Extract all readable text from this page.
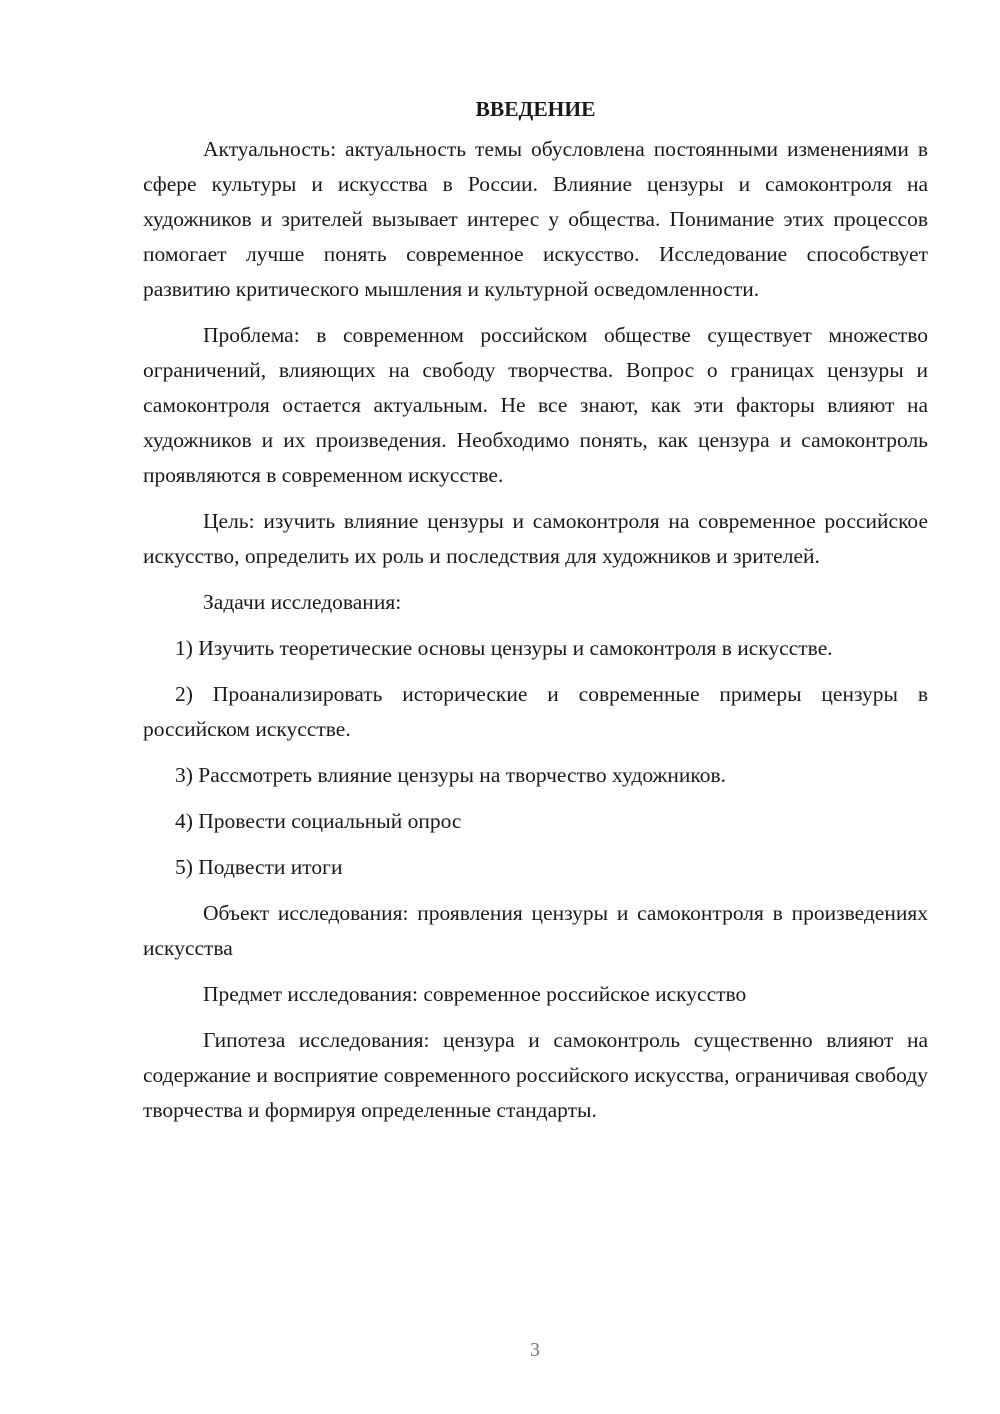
ВВЕДЕНИЕ

Актуальность: актуальность темы обусловлена постоянными изменениями в сфере культуры и искусства в России. Влияние цензуры и самоконтроля на художников и зрителей вызывает интерес у общества. Понимание этих процессов помогает лучше понять современное искусство. Исследование способствует развитию критического мышления и культурной осведомленности.

Проблема: в современном российском обществе существует множество ограничений, влияющих на свободу творчества. Вопрос о границах цензуры и самоконтроля остается актуальным. Не все знают, как эти факторы влияют на художников и их произведения. Необходимо понять, как цензура и самоконтроль проявляются в современном искусстве.

Цель: изучить влияние цензуры и самоконтроля на современное российское искусство, определить их роль и последствия для художников и зрителей.

Задачи исследования:

1) Изучить теоретические основы цензуры и самоконтроля в искусстве.

2) Проанализировать исторические и современные примеры цензуры в российском искусстве.

3) Рассмотреть влияние цензуры на творчество художников.

4) Провести социальный опрос

5) Подвести итоги

Объект исследования: проявления цензуры и самоконтроля в произведениях искусства

Предмет исследования: современное российское искусство

Гипотеза исследования: цензура и самоконтроль существенно влияют на содержание и восприятие современного российского искусства, ограничивая свободу творчества и формируя определенные стандарты.

3
